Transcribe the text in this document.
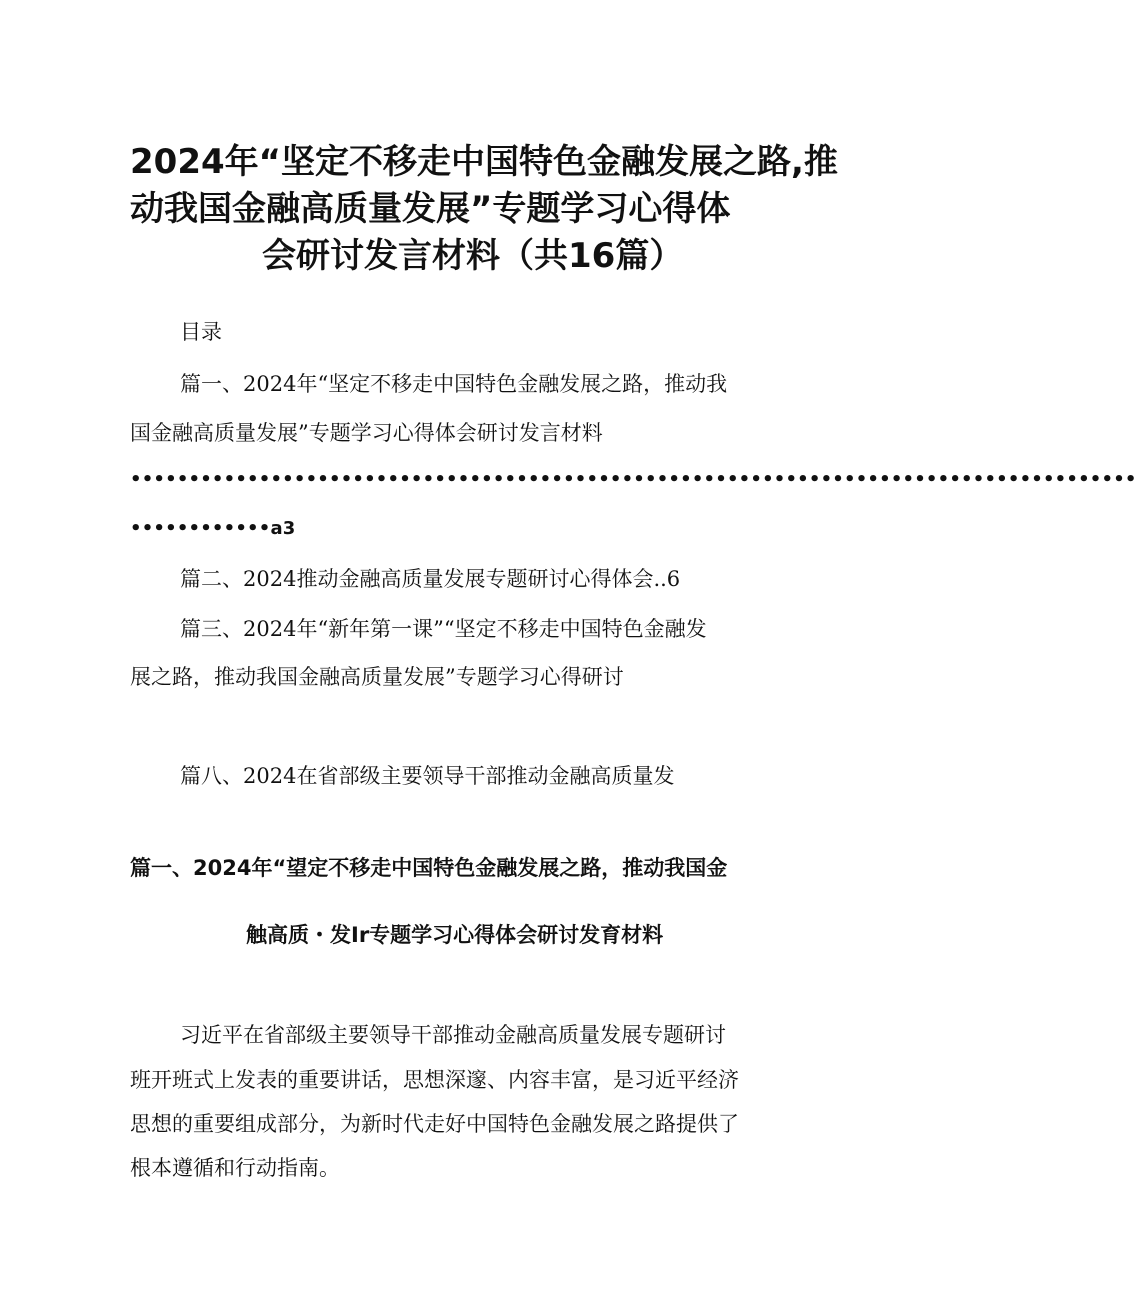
2024年“坚定不移走中国特色金融发展之路,推
动我国金融高质量发展”专题学习心得体
会研讨发言材料（共16篇）
目录
篇一、2024年“坚定不移走中国特色金融发展之路，推动我
国金融高质量发展”专题学习心得体会研讨发言材料
••••••••••••••••••••••••••••••••••••••••••••••••••••••••••••••••••••••••••••••••••••••
••••••••••••a3
篇二、2024推动金融高质量发展专题研讨心得体会..6
篇三、2024年“新年第一课”“坚定不移走中国特色金融发
展之路，推动我国金融高质量发展”专题学习心得研讨
篇八、2024在省部级主要领导干部推动金融高质量发
篇一、2024年“望定不移走中国特色金融发展之路，推动我国金
触高质・发Ir专题学习心得体会研讨发育材料
习近平在省部级主要领导干部推动金融高质量发展专题研讨
班开班式上发表的重要讲话，思想深邃、内容丰富，是习近平经济
思想的重要组成部分，为新时代走好中国特色金融发展之路提供了
根本遵循和行动指南。
